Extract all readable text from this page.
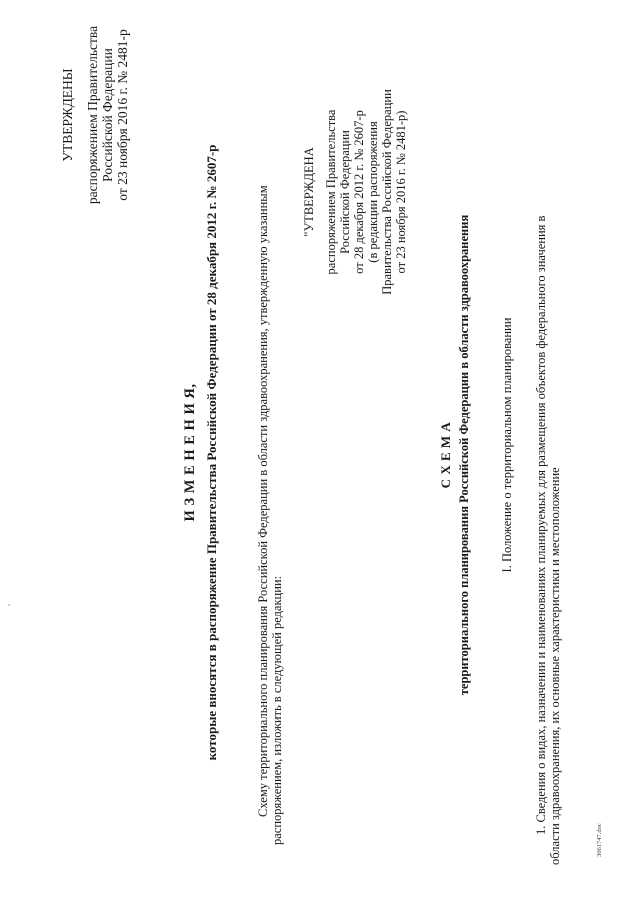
УТВЕРЖДЕНЫ распоряжением Правительства Российской Федерации от 23 ноября 2016 г. № 2481-р
И З М Е Н Е Н И Я, которые вносятся в распоряжение Правительства Российской Федерации от 28 декабря 2012 г. № 2607-р	Схему территориального планирования Российской Федерации в области здравоохранения, утвержденную указанным распоряжением, изложить в следующей редакции:
"УТВЕРЖДЕНА распоряжением Правительства Российской Федерации от 28 декабря 2012 г. № 2607-р (в редакции распоряжения Правительства Российской Федерации от 23 ноября 2016 г. № 2481-р)
С Х Е М А территориального планирования Российской Федерации в области здравоохранения I. Положение о территориальном планировании 1. Сведения о видах, назначении и наименованиях планируемых для размещения объектов федерального значения в области здравоохранения, их основные характеристики и местоположение	3061747.doc
